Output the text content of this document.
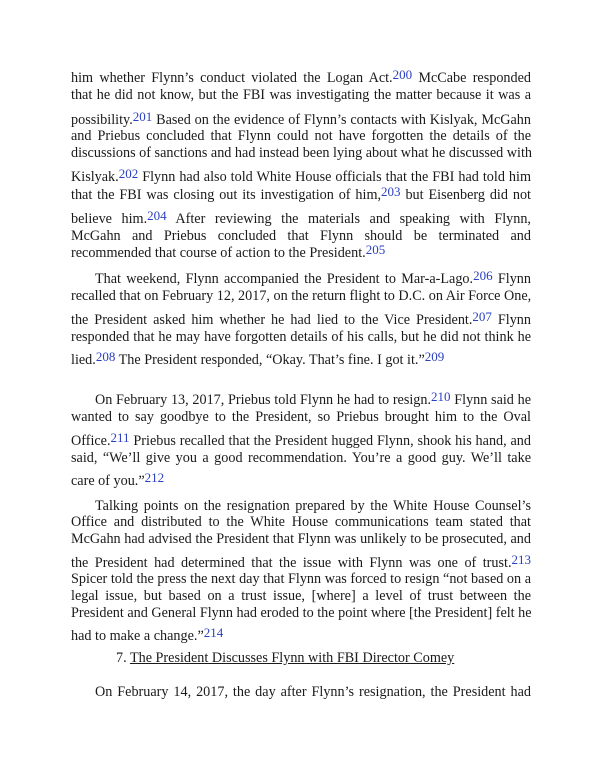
him whether Flynn’s conduct violated the Logan Act.$^{200}$ McCabe responded
that he did not know, but the FBI was investigating the matter because it was a
possibility.$^{201}$ Based on the evidence of Flynn’s contacts with Kislyak, McGahn
and Priebus concluded that Flynn could not have forgotten the details of the
discussions of sanctions and had instead been lying about what he discussed with
Kislyak.$^{202}$ Flynn had also told White House officials that the FBI had told him
that the FBI was closing out its investigation of him,$^{203}$ but Eisenberg did not
believe him.$^{204}$ After reviewing the materials and speaking with Flynn,
McGahn and Priebus concluded that Flynn should be terminated and
recommended that course of action to the President.$^{205}$
That weekend, Flynn accompanied the President to Mar-a-Lago.$^{206}$ Flynn
recalled that on February 12, 2017, on the return flight to D.C. on Air Force One,
the President asked him whether he had lied to the Vice President.$^{207}$ Flynn
responded that he may have forgotten details of his calls, but he did not think he
lied.$^{208}$ The President responded, “Okay. That’s fine. I got it.”$^{209}$
On February 13, 2017, Priebus told Flynn he had to resign.$^{210}$ Flynn said he
wanted to say goodbye to the President, so Priebus brought him to the Oval
Office.$^{211}$ Priebus recalled that the President hugged Flynn, shook his hand, and
said, “We’ll give you a good recommendation. You’re a good guy. We’ll take
care of you.”$^{212}$
Talking points on the resignation prepared by the White House Counsel’s
Office and distributed to the White House communications team stated that
McGahn had advised the President that Flynn was unlikely to be prosecuted, and
the President had determined that the issue with Flynn was one of trust.$^{213}$
Spicer told the press the next day that Flynn was forced to resign “not based on a
legal issue, but based on a trust issue, [where] a level of trust between the
President and General Flynn had eroded to the point where [the President] felt he
had to make a change.”$^{214}$
7. The President Discusses Flynn with FBI Director Comey
On February 14, 2017, the day after Flynn’s resignation, the President had
